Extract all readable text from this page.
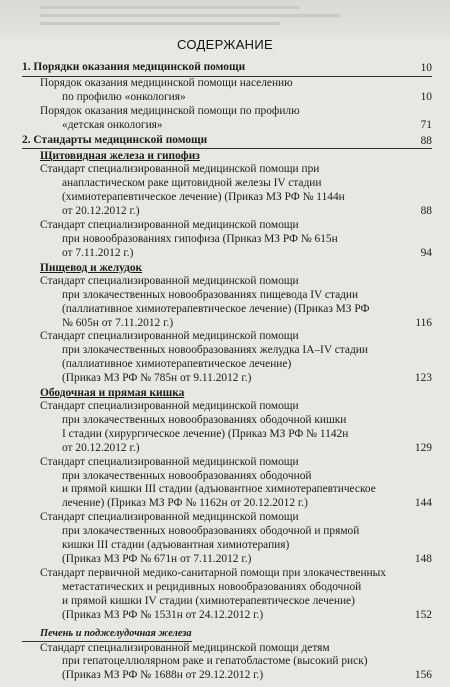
СОДЕРЖАНИЕ
1. Порядки оказания медицинской помощи	10
Порядок оказания медицинской помощи населению
по профилю «онкология»	10
Порядок оказания медицинской помощи по профилю
«детская онкология»	71
2. Стандарты медицинской помощи	88
Щитовидная железа и гипофиз
Стандарт специализированной медицинской помощи при
анапластическом раке щитовидной железы IV стадии
(химиотерапевтическое лечение) (Приказ МЗ РФ № 1144н
от 20.12.2012 г.)	88
Стандарт специализированной медицинской помощи
при новообразованиях гипофиза (Приказ МЗ РФ № 615н
от 7.11.2012 г.)	94
Пищевод и желудок
Стандарт специализированной медицинской помощи
при злокачественных новообразованиях пищевода IV стадии
(паллиативное химиотерапевтическое лечение) (Приказ МЗ РФ
№ 605н от 7.11.2012 г.)	116
Стандарт специализированной медицинской помощи
при злокачественных новообразованиях желудка IA–IV стадии
(паллиативное химиотерапевтическое лечение)
(Приказ МЗ РФ № 785н от 9.11.2012 г.)	123
Ободочная и прямая кишка
Стандарт специализированной медицинской помощи
при злокачественных новообразованиях ободочной кишки
I стадии (хирургическое лечение) (Приказ МЗ РФ № 1142н
от 20.12.2012 г.)	129
Стандарт специализированной медицинской помощи
при злокачественных новообразованиях ободочной
и прямой кишки III стадии (адъювантное химиотерапевтическое
лечение) (Приказ МЗ РФ № 1162н от 20.12.2012 г.)	144
Стандарт специализированной медицинской помощи
при злокачественных новообразованиях ободочной и прямой
кишки III стадии (адъювантная химиотерапия)
(Приказ МЗ РФ № 671н от 7.11.2012 г.)	148
Стандарт первичной медико-санитарной помощи при злокачественных
метастатических и рецидивных новообразованиях ободочной
и прямой кишки IV стадии (химиотерапевтическое лечение)
(Приказ МЗ РФ № 1531н от 24.12.2012 г.)	152
Печень и поджелудочная железа
Стандарт специализированной медицинской помощи детям
при гепатоцеллюлярном раке и гепатобластоме (высокий риск)
(Приказ МЗ РФ № 1688н от 29.12.2012 г.)	156
